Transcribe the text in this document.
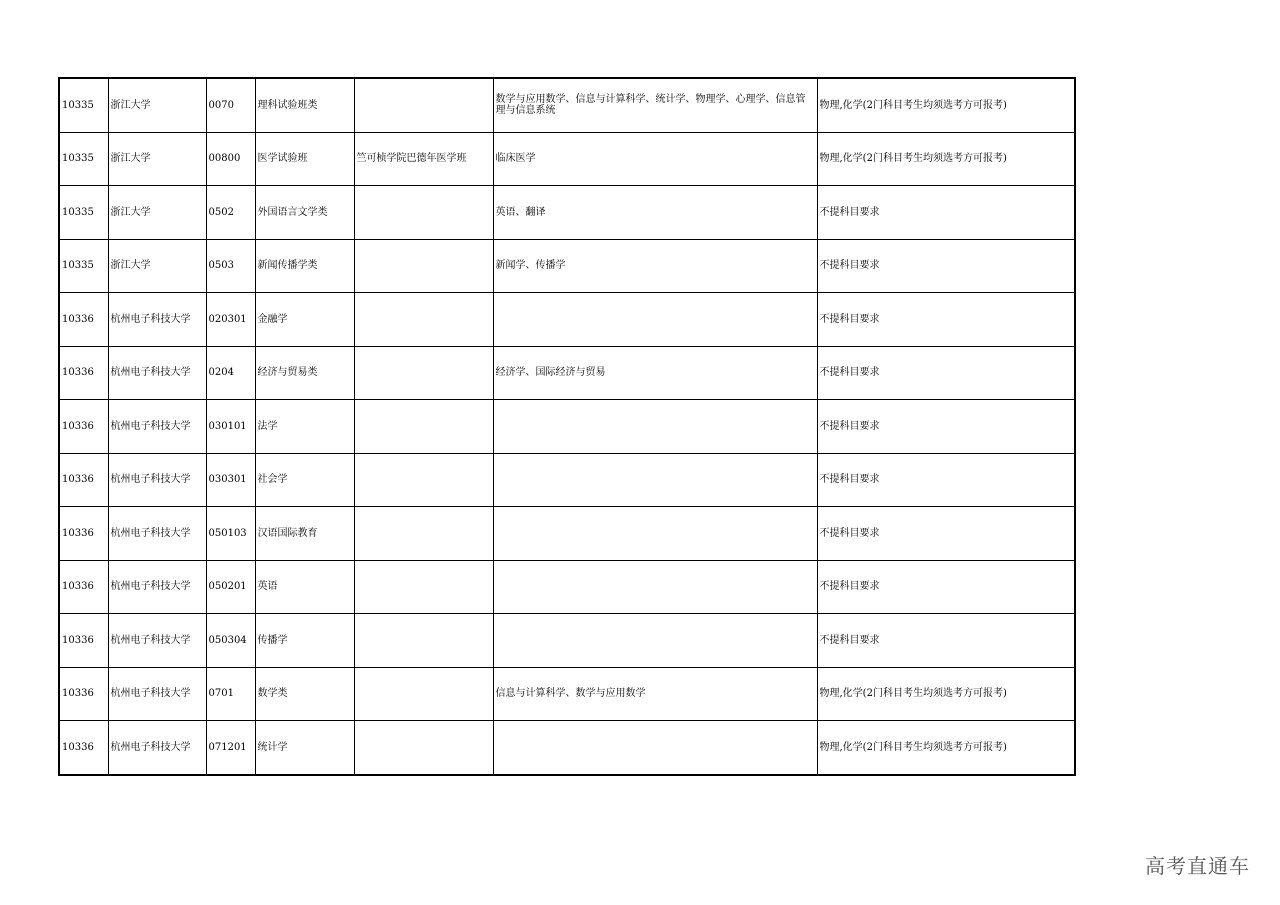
10335	浙江大学	0070	理科试验班类		数学与应用数学、信息与计算科学、统计学、物理学、心理学、信息管理与信息系统	物理,化学(2门科目考生均须选考方可报考)
10335	浙江大学	00800	医学试验班	竺可桢学院巴德年医学班	临床医学	物理,化学(2门科目考生均须选考方可报考)
10335	浙江大学	0502	外国语言文学类		英语、翻译	不提科目要求
10335	浙江大学	0503	新闻传播学类		新闻学、传播学	不提科目要求
10336	杭州电子科技大学	020301	金融学			不提科目要求
10336	杭州电子科技大学	0204	经济与贸易类		经济学、国际经济与贸易	不提科目要求
10336	杭州电子科技大学	030101	法学			不提科目要求
10336	杭州电子科技大学	030301	社会学			不提科目要求
10336	杭州电子科技大学	050103	汉语国际教育			不提科目要求
10336	杭州电子科技大学	050201	英语			不提科目要求
10336	杭州电子科技大学	050304	传播学			不提科目要求
10336	杭州电子科技大学	0701	数学类		信息与计算科学、数学与应用数学	物理,化学(2门科目考生均须选考方可报考)
10336	杭州电子科技大学	071201	统计学			物理,化学(2门科目考生均须选考方可报考)
高考直通车
